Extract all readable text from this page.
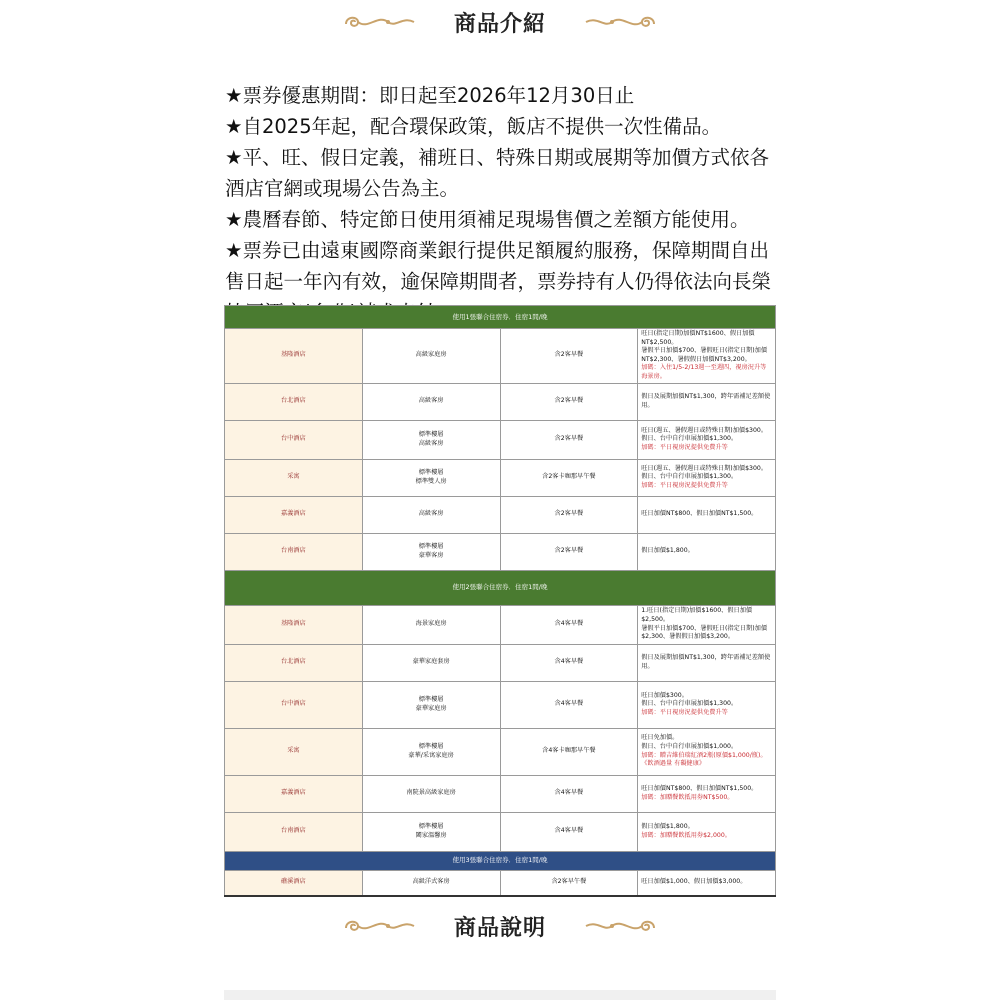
商品介紹

★票券優惠期間：即日起至2026年12月30日止

★自2025年起，配合環保政策，飯店不提供一次性備品。

★平、旺、假日定義，補班日、特殊日期或展期等加價方式依各酒店官網或現場公告為主。

★農曆春節、特定節日使用須補足現場售價之差額方能使用。

★票券已由遠東國際商業銀行提供足額履約服務，保障期間自出售日起一年內有效，逾保障期間者，票券持有人仍得依法向長榮

使用1張聯合住宿券．住宿1間/晚			
基隆酒店	高級家庭房	含2客早餐	旺日(指定日期)加價NT$1600、假日加價NT$2,500。
暑假平日加價$700、暑假旺日(指定日期)加價NT$2,300、暑假假日加價NT$3,200。
加碼：入住1/5-2/13週一至週四，視房況升等海景房。

台北酒店	高級客房	含2客早餐	假日及展期加價NT$1,300，跨年需補足差額使用。

台中酒店	標準樓層
高級客房	含2客早餐	旺日(週五、暑假週日或特殊日期)加價$300。
假日、台中自行車展加價$1,300。
加碼：平日視房況提供免費升等

采寓	標準樓層
標準雙人房	含2客卡咖那早午餐	旺日(週五、暑假週日或特殊日期)加價$300。
假日、台中自行車展加價$1,300。
加碼：平日視房況提供免費升等

嘉義酒店	高級客房	含2客早餐	旺日加價NT$800、假日加價NT$1,500。

台南酒店	標準樓層
豪華客房	含2客早餐	假日加價$1,800。

使用2張聯合住宿券．住宿1間/晚			
基隆酒店	海景家庭房	含4客早餐	1.旺日(指定日期)加價$1600、假日加價$2,500。
暑假平日加價$700、暑假旺日(指定日期)加價$2,300、暑假假日加價$3,200。

台北酒店	豪華家庭套房	含4客早餐	假日及展期加價NT$1,300，跨年需補足差額使用。

台中酒店	標準樓層
豪華家庭房	含4客早餐	旺日加價$300。
假日、台中自行車展加價$1,300。
加碼：平日視房況提供免費升等

采寓	標準樓層
豪華/采寓家庭房	含4客卡咖那早午餐	旺日免加價。
假日、台中自行車展加價$1,000。
加碼：贈吉維伯瑞紅酒2瓶(原價$1,000/瓶)。《飲酒過量 有礙健康》

嘉義酒店	南院景高級家庭房	含4客早餐	旺日加價NT$800、假日加價NT$1,500。
加碼：加贈餐飲抵用券NT$500。

台南酒店	標準樓層
闔家溫馨房	含4客早餐	假日加價$1,800。
加碼：加贈餐飲抵用券$2,000。

使用3張聯合住宿券．住宿1間/晚			
礁溪酒店	高級洋式客房	含2客早午餐	旺日加價$1,000、假日加價$3,000。
商品說明
